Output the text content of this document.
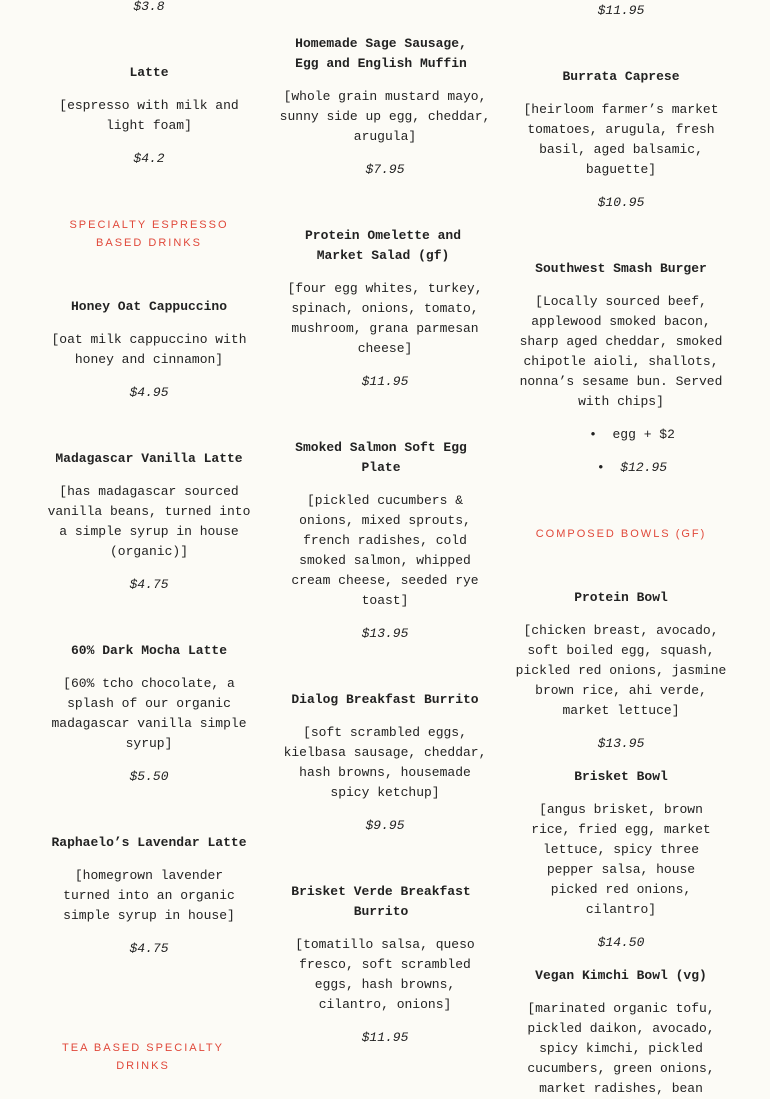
$3.8

Latte

[espresso with milk and light foam]

$4.2

SPECIALTY ESPRESSO BASED DRINKS

Honey Oat Cappuccino

[oat milk cappuccino with honey and cinnamon]

$4.95

Madagascar Vanilla Latte

[has madagascar sourced vanilla beans, turned into a simple syrup in house (organic)]

$4.75

60% Dark Mocha Latte

[60% tcho chocolate, a splash of our organic madagascar vanilla simple syrup]

$5.50

Raphaelo’s Lavendar Latte

[homegrown lavender turned into an organic simple syrup in house]

$4.75

TEA BASED SPECIALTY DRINKS

Homemade Sage Sausage, Egg and English Muffin

[whole grain mustard mayo, sunny side up egg, cheddar, arugula]

$7.95

Protein Omelette and Market Salad (gf)

[four egg whites, turkey, spinach, onions, tomato, mushroom, grana parmesan cheese]

$11.95

Smoked Salmon Soft Egg Plate

[pickled cucumbers & onions, mixed sprouts, french radishes, cold smoked salmon, whipped cream cheese, seeded rye toast]

$13.95

Dialog Breakfast Burrito

[soft scrambled eggs, kielbasa sausage, cheddar, hash browns, housemade spicy ketchup]

$9.95

Brisket Verde Breakfast Burrito

[tomatillo salsa, queso fresco, soft scrambled eggs, hash browns, cilantro, onions]

$11.95

$11.95

Burrata Caprese

[heirloom farmer’s market tomatoes, arugula, fresh basil, aged balsamic, baguette]

$10.95

Southwest Smash Burger

[Locally sourced beef, applewood smoked bacon, sharp aged cheddar, smoked chipotle aioli, shallots, nonna’s sesame bun. Served with chips]

•  egg + $2
•  $12.95

COMPOSED BOWLS (GF)

Protein Bowl

[chicken breast, avocado, soft boiled egg, squash, pickled red onions, jasmine brown rice, ahi verde, market lettuce]

$13.95

Brisket Bowl

[angus brisket, brown rice, fried egg, market lettuce, spicy three pepper salsa, house picked red onions, cilantro]

$14.50

Vegan Kimchi Bowl (vg)

[marinated organic tofu, pickled daikon, avocado, spicy kimchi, pickled cucumbers, green onions, market radishes, bean
